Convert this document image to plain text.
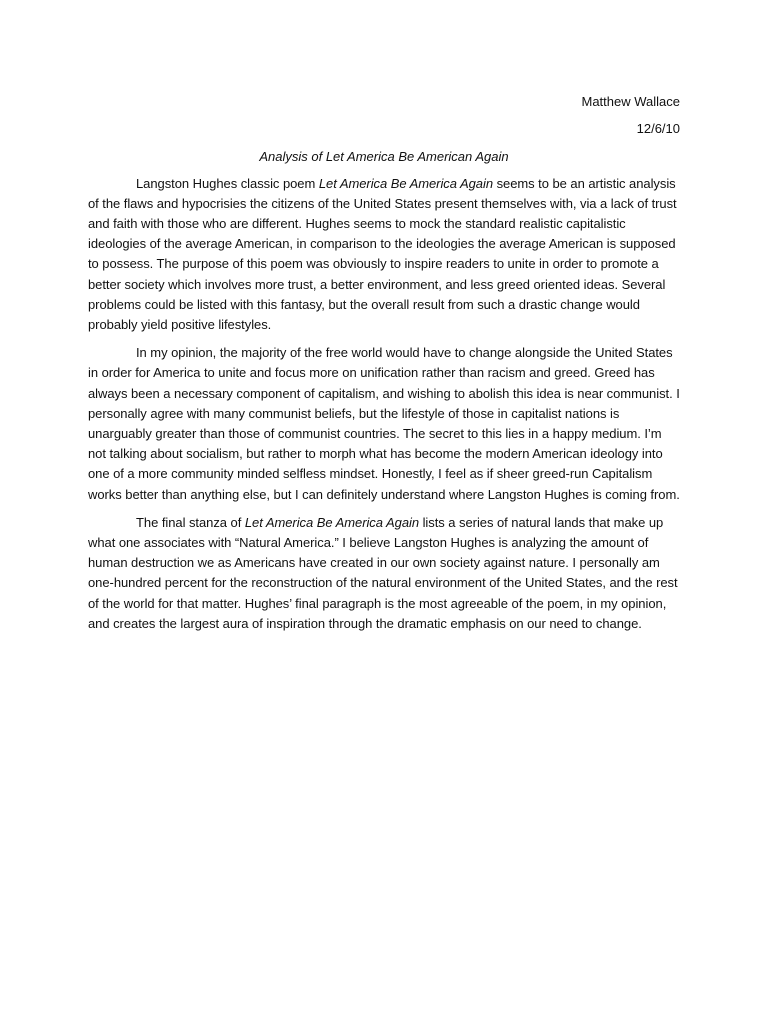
Matthew Wallace

12/6/10

Analysis of Let America Be American Again

Langston Hughes classic poem Let America Be America Again seems to be an artistic analysis of the flaws and hypocrisies the citizens of the United States present themselves with, via a lack of trust and faith with those who are different. Hughes seems to mock the standard realistic capitalistic ideologies of the average American, in comparison to the ideologies the average American is supposed to possess. The purpose of this poem was obviously to inspire readers to unite in order to promote a better society which involves more trust, a better environment, and less greed oriented ideas. Several problems could be listed with this fantasy, but the overall result from such a drastic change would probably yield positive lifestyles.

In my opinion, the majority of the free world would have to change alongside the United States in order for America to unite and focus more on unification rather than racism and greed. Greed has always been a necessary component of capitalism, and wishing to abolish this idea is near communist. I personally agree with many communist beliefs, but the lifestyle of those in capitalist nations is unarguably greater than those of communist countries. The secret to this lies in a happy medium. I’m not talking about socialism, but rather to morph what has become the modern American ideology into one of a more community minded selfless mindset. Honestly, I feel as if sheer greed-run Capitalism works better than anything else, but I can definitely understand where Langston Hughes is coming from.

The final stanza of Let America Be America Again lists a series of natural lands that make up what one associates with “Natural America.” I believe Langston Hughes is analyzing the amount of human destruction we as Americans have created in our own society against nature. I personally am one-hundred percent for the reconstruction of the natural environment of the United States, and the rest of the world for that matter. Hughes’ final paragraph is the most agreeable of the poem, in my opinion, and creates the largest aura of inspiration through the dramatic emphasis on our need to change.
